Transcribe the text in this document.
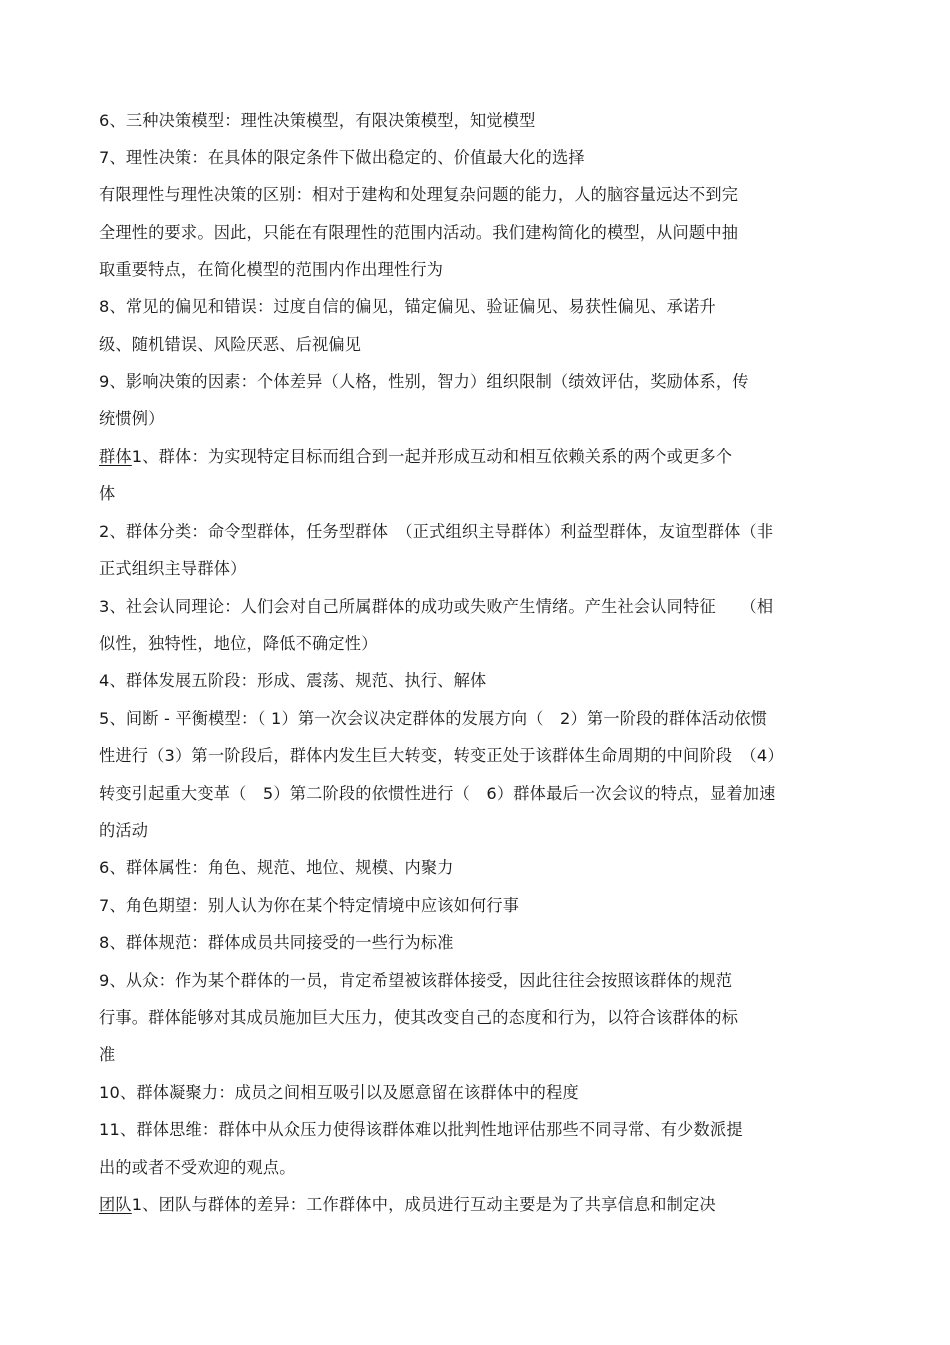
6、三种决策模型：理性决策模型，有限决策模型，知觉模型
7、理性决策：在具体的限定条件下做出稳定的、价值最大化的选择
有限理性与理性决策的区别：相对于建构和处理复杂问题的能力，人的脑容量远达不到完
全理性的要求。因此，只能在有限理性的范围内活动。我们建构简化的模型，从问题中抽
取重要特点，在简化模型的范围内作出理性行为
8、常见的偏见和错误：过度自信的偏见，锚定偏见、验证偏见、易获性偏见、承诺升
级、随机错误、风险厌恶、后视偏见
9、影响决策的因素：个体差异（人格，性别，智力）组织限制（绩效评估，奖励体系，传
统惯例）
群体1、群体：为实现特定目标而组合到一起并形成互动和相互依赖关系的两个或更多个
体
2、群体分类：命令型群体，任务型群体　（正式组织主导群体）利益型群体，友谊型群体（非
正式组织主导群体）
3、社会认同理论：人们会对自己所属群体的成功或失败产生情绪。产生社会认同特征　　（相
似性，独特性，地位，降低不确定性）
4、群体发展五阶段：形成、震荡、规范、执行、解体
5、间断 - 平衡模型：（ 1）第一次会议决定群体的发展方向（　2）第一阶段的群体活动依惯
性进行（3）第一阶段后，群体内发生巨大转变，转变正处于该群体生命周期的中间阶段　（4）
转变引起重大变革（　5）第二阶段的依惯性进行（　6）群体最后一次会议的特点，显着加速
的活动
6、群体属性：角色、规范、地位、规模、内聚力
7、角色期望：别人认为你在某个特定情境中应该如何行事
8、群体规范：群体成员共同接受的一些行为标准
9、从众：作为某个群体的一员，肯定希望被该群体接受，因此往往会按照该群体的规范
行事。群体能够对其成员施加巨大压力，使其改变自己的态度和行为，以符合该群体的标
准
10、群体凝聚力：成员之间相互吸引以及愿意留在该群体中的程度
11、群体思维：群体中从众压力使得该群体难以批判性地评估那些不同寻常、有少数派提
出的或者不受欢迎的观点。
团队1、团队与群体的差异：工作群体中，成员进行互动主要是为了共享信息和制定决
